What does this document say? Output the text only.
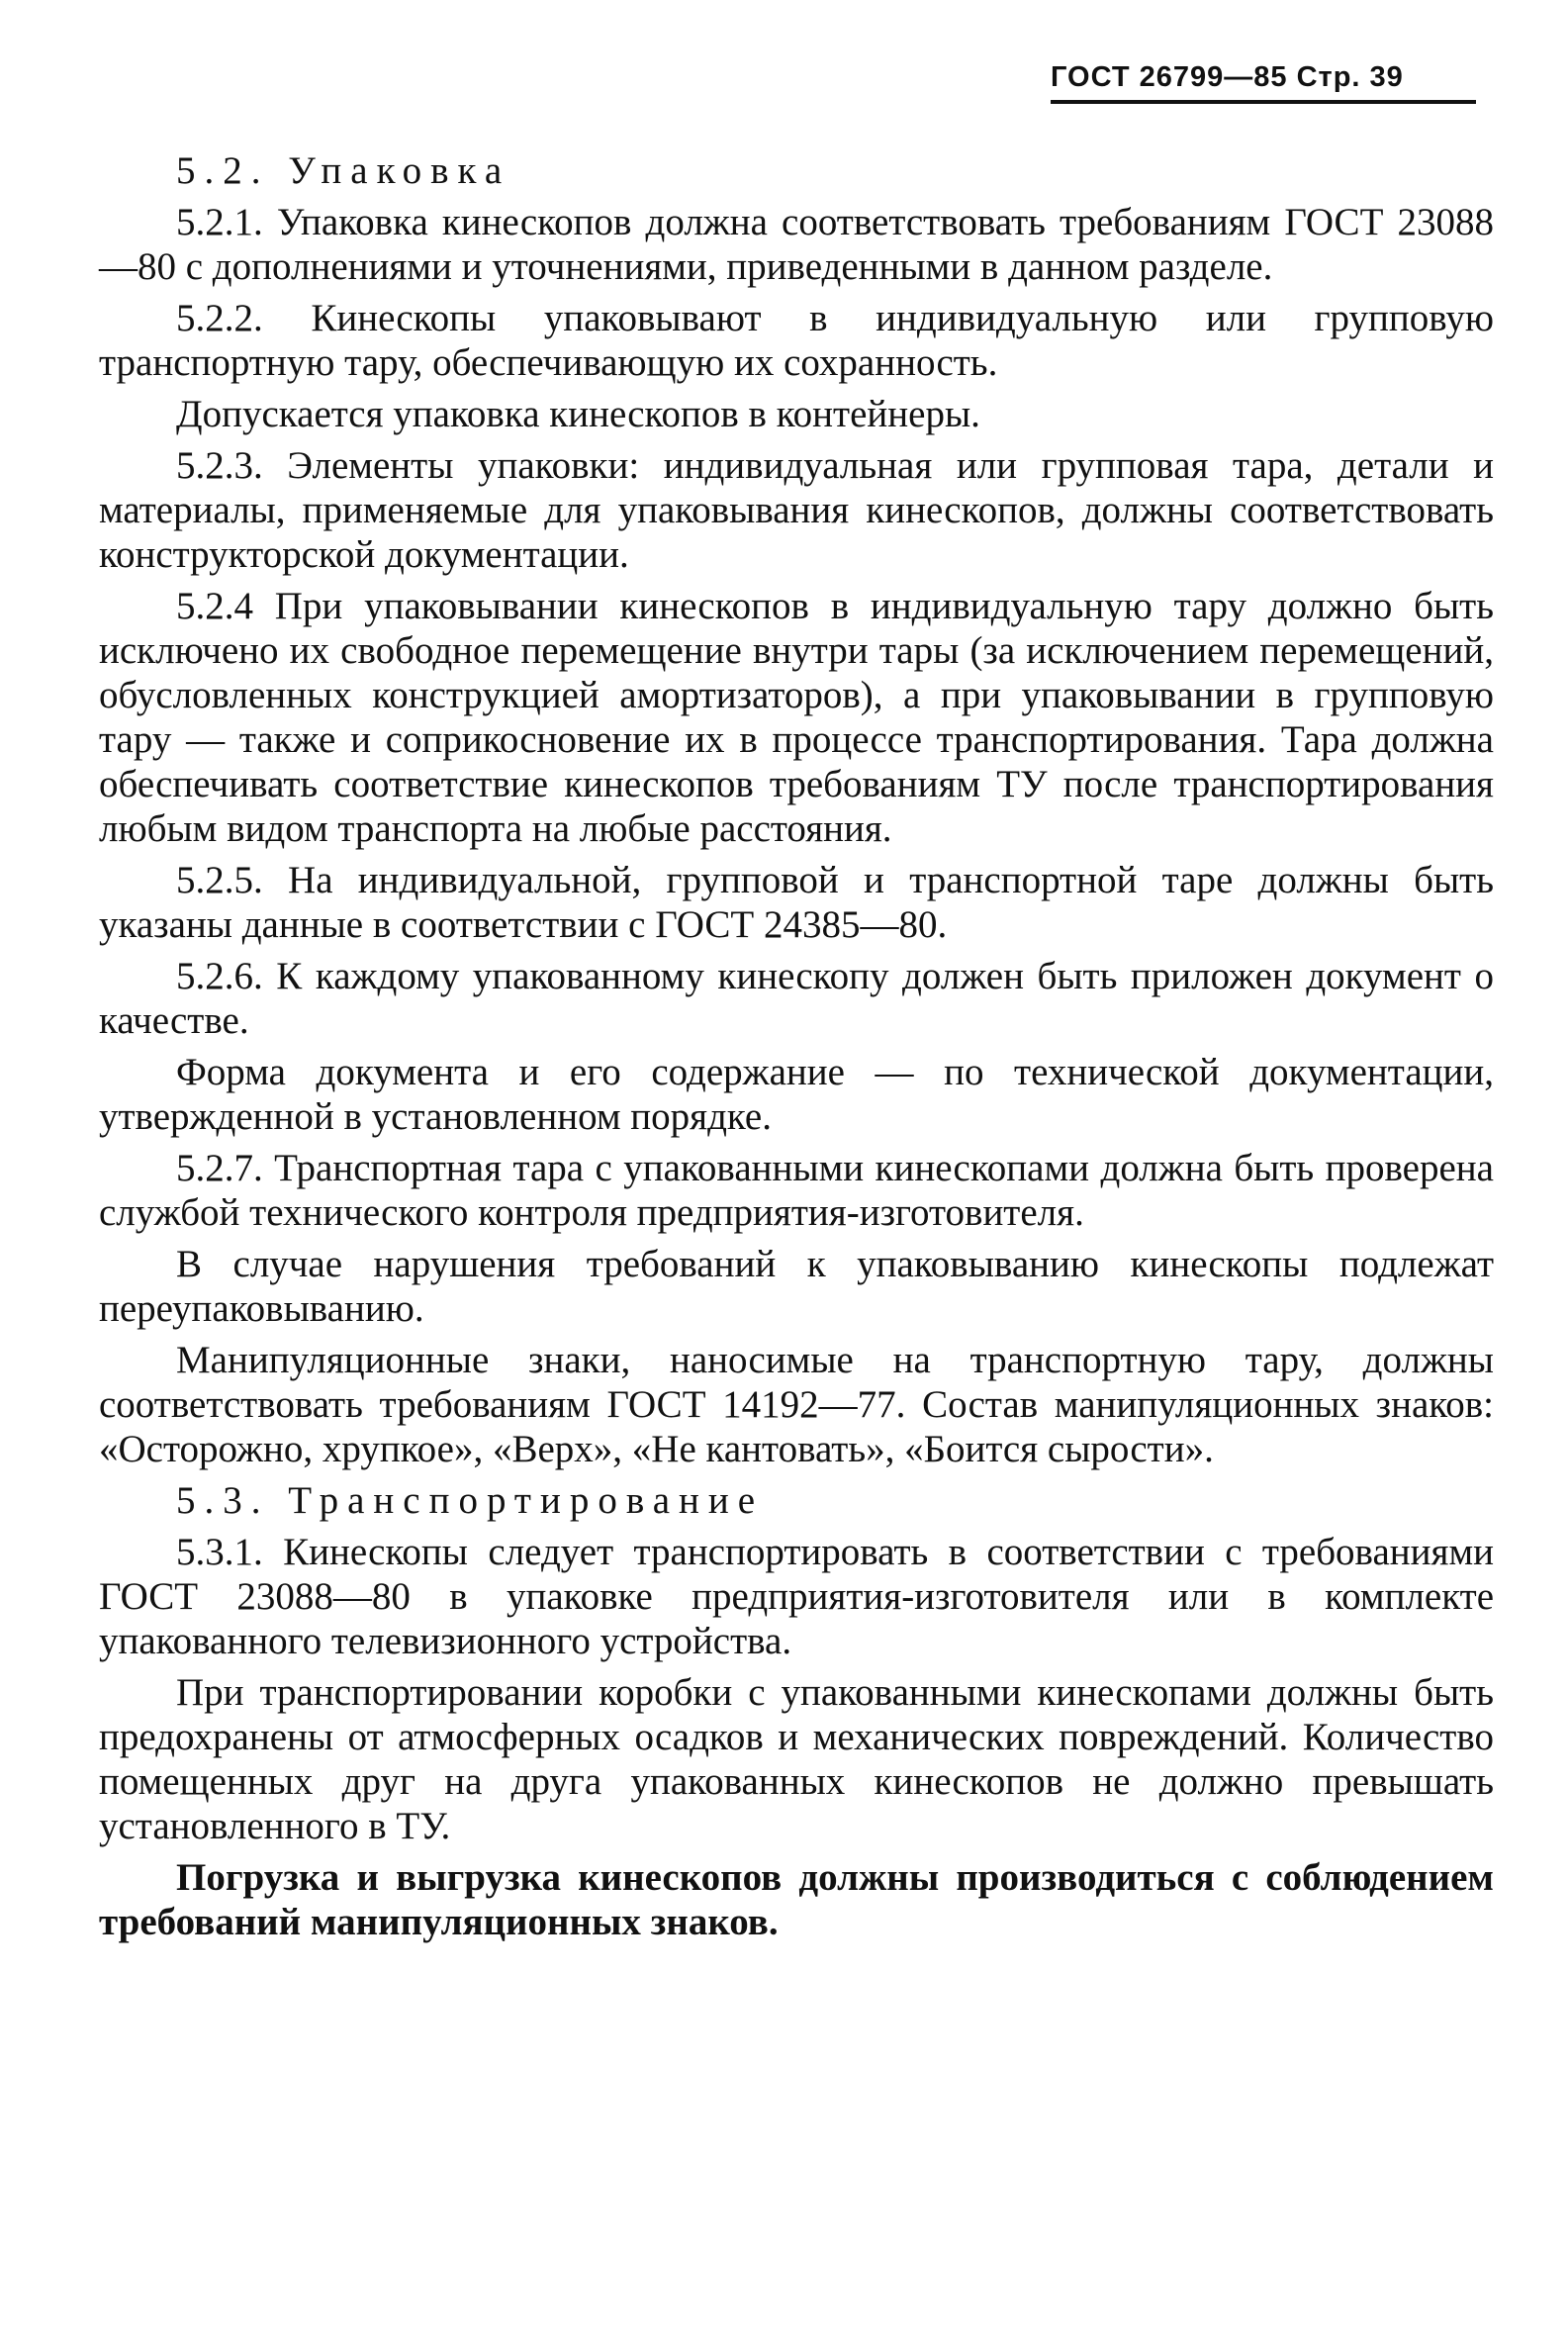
ГОСТ 26799—85 Стр. 39

5.2. Упаковка

5.2.1. Упаковка кинескопов должна соответствовать требованиям ГОСТ 23088—80 с дополнениями и уточнениями, приведенными в данном разделе.

5.2.2. Кинескопы упаковывают в индивидуальную или групповую транспортную тару, обеспечивающую их сохранность.

Допускается упаковка кинескопов в контейнеры.

5.2.3. Элементы упаковки: индивидуальная или групповая тара, детали и материалы, применяемые для упаковывания кинескопов, должны соответствовать конструкторской документации.

5.2.4 При упаковывании кинескопов в индивидуальную тару должно быть исключено их свободное перемещение внутри тары (за исключением перемещений, обусловленных конструкцией амортизаторов), а при упаковывании в групповую тару — также и соприкосновение их в процессе транспортирования. Тара должна обеспечивать соответствие кинескопов требованиям ТУ после транспортирования любым видом транспорта на любые расстояния.

5.2.5. На индивидуальной, групповой и транспортной таре должны быть указаны данные в соответствии с ГОСТ 24385—80.

5.2.6. К каждому упакованному кинескопу должен быть приложен документ о качестве.

Форма документа и его содержание — по технической документации, утвержденной в установленном порядке.

5.2.7. Транспортная тара с упакованными кинескопами должна быть проверена службой технического контроля предприятия-изготовителя.

В случае нарушения требований к упаковыванию кинескопы подлежат переупаковыванию.

Манипуляционные знаки, наносимые на транспортную тару, должны соответствовать требованиям ГОСТ 14192—77. Состав манипуляционных знаков: «Осторожно, хрупкое», «Верх», «Не кантовать», «Боится сырости».

5.3. Транспортирование

5.3.1. Кинескопы следует транспортировать в соответствии с требованиями ГОСТ 23088—80 в упаковке предприятия-изготовителя или в комплекте упакованного телевизионного устройства.

При транспортировании коробки с упакованными кинескопами должны быть предохранены от атмосферных осадков и механических повреждений. Количество помещенных друг на друга упакованных кинескопов не должно превышать установленного в ТУ.

Погрузка и выгрузка кинескопов должны производиться с соблюдением требований манипуляционных знаков.
